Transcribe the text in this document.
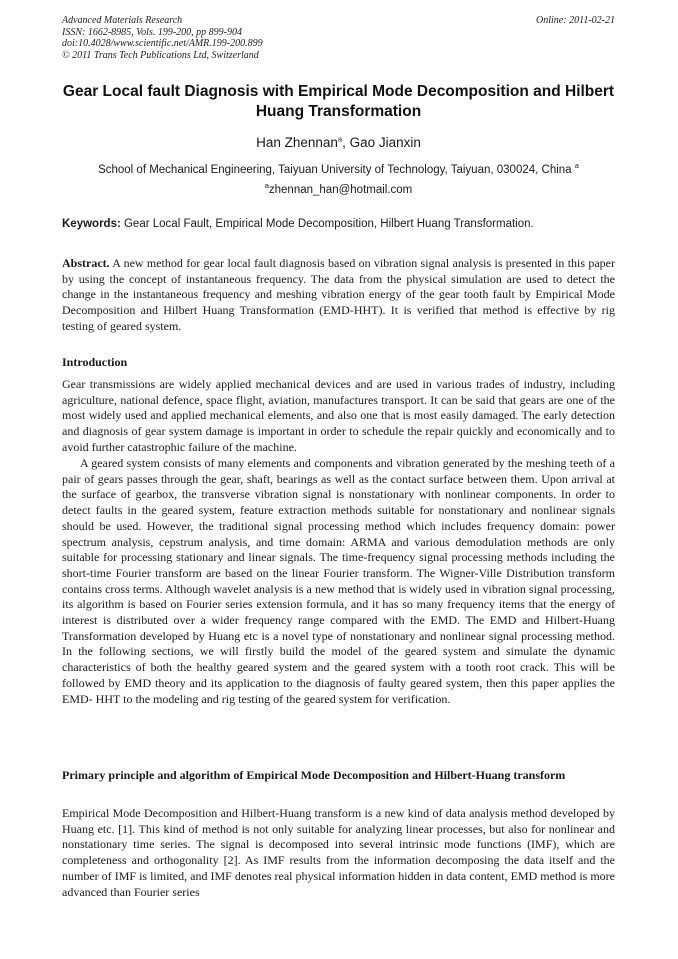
Advanced Materials Research
ISSN: 1662-8985, Vols. 199-200, pp 899-904
doi:10.4028/www.scientific.net/AMR.199-200.899
© 2011 Trans Tech Publications Ltd, Switzerland
Online: 2011-02-21
Gear Local fault Diagnosis with Empirical Mode Decomposition and Hilbert Huang Transformation
Han Zhennan$^a$, Gao Jianxin
School of Mechanical Engineering, Taiyuan University of Technology, Taiyuan, 030024, China $^a$
$^a$zhennan_han@hotmail.com
Keywords: Gear Local Fault, Empirical Mode Decomposition, Hilbert Huang Transformation.
Abstract. A new method for gear local fault diagnosis based on vibration signal analysis is presented in this paper by using the concept of instantaneous frequency. The data from the physical simulation are used to detect the change in the instantaneous frequency and meshing vibration energy of the gear tooth fault by Empirical Mode Decomposition and Hilbert Huang Transformation (EMD-HHT). It is verified that method is effective by rig testing of geared system.
Introduction
Gear transmissions are widely applied mechanical devices and are used in various trades of industry, including agriculture, national defence, space flight, aviation, manufactures transport. It can be said that gears are one of the most widely used and applied mechanical elements, and also one that is most easily damaged. The early detection and diagnosis of gear system damage is important in order to schedule the repair quickly and economically and to avoid further catastrophic failure of the machine.
A geared system consists of many elements and components and vibration generated by the meshing teeth of a pair of gears passes through the gear, shaft, bearings as well as the contact surface between them. Upon arrival at the surface of gearbox, the transverse vibration signal is nonstationary with nonlinear components. In order to detect faults in the geared system, feature extraction methods suitable for nonstationary and nonlinear signals should be used. However, the traditional signal processing method which includes frequency domain: power spectrum analysis, cepstrum analysis, and time domain: ARMA and various demodulation methods are only suitable for processing stationary and linear signals. The time-frequency signal processing methods including the short-time Fourier transform are based on the linear Fourier transform. The Wigner-Ville Distribution transform contains cross terms. Although wavelet analysis is a new method that is widely used in vibration signal processing, its algorithm is based on Fourier series extension formula, and it has so many frequency items that the energy of interest is distributed over a wider frequency range compared with the EMD. The EMD and Hilbert-Huang Transformation developed by Huang etc is a novel type of nonstationary and nonlinear signal processing method. In the following sections, we will firstly build the model of the geared system and simulate the dynamic characteristics of both the healthy geared system and the geared system with a tooth root crack. This will be followed by EMD theory and its application to the diagnosis of faulty geared system, then this paper applies the EMD- HHT to the modeling and rig testing of the geared system for verification.
Primary principle and algorithm of Empirical Mode Decomposition and Hilbert-Huang transform
Empirical Mode Decomposition and Hilbert-Huang transform is a new kind of data analysis method developed by Huang etc. [1]. This kind of method is not only suitable for analyzing linear processes, but also for nonlinear and nonstationary time series. The signal is decomposed into several intrinsic mode functions (IMF), which are completeness and orthogonality [2]. As IMF results from the information decomposing the data itself and the number of IMF is limited, and IMF denotes real physical information hidden in data content, EMD method is more advanced than Fourier series
